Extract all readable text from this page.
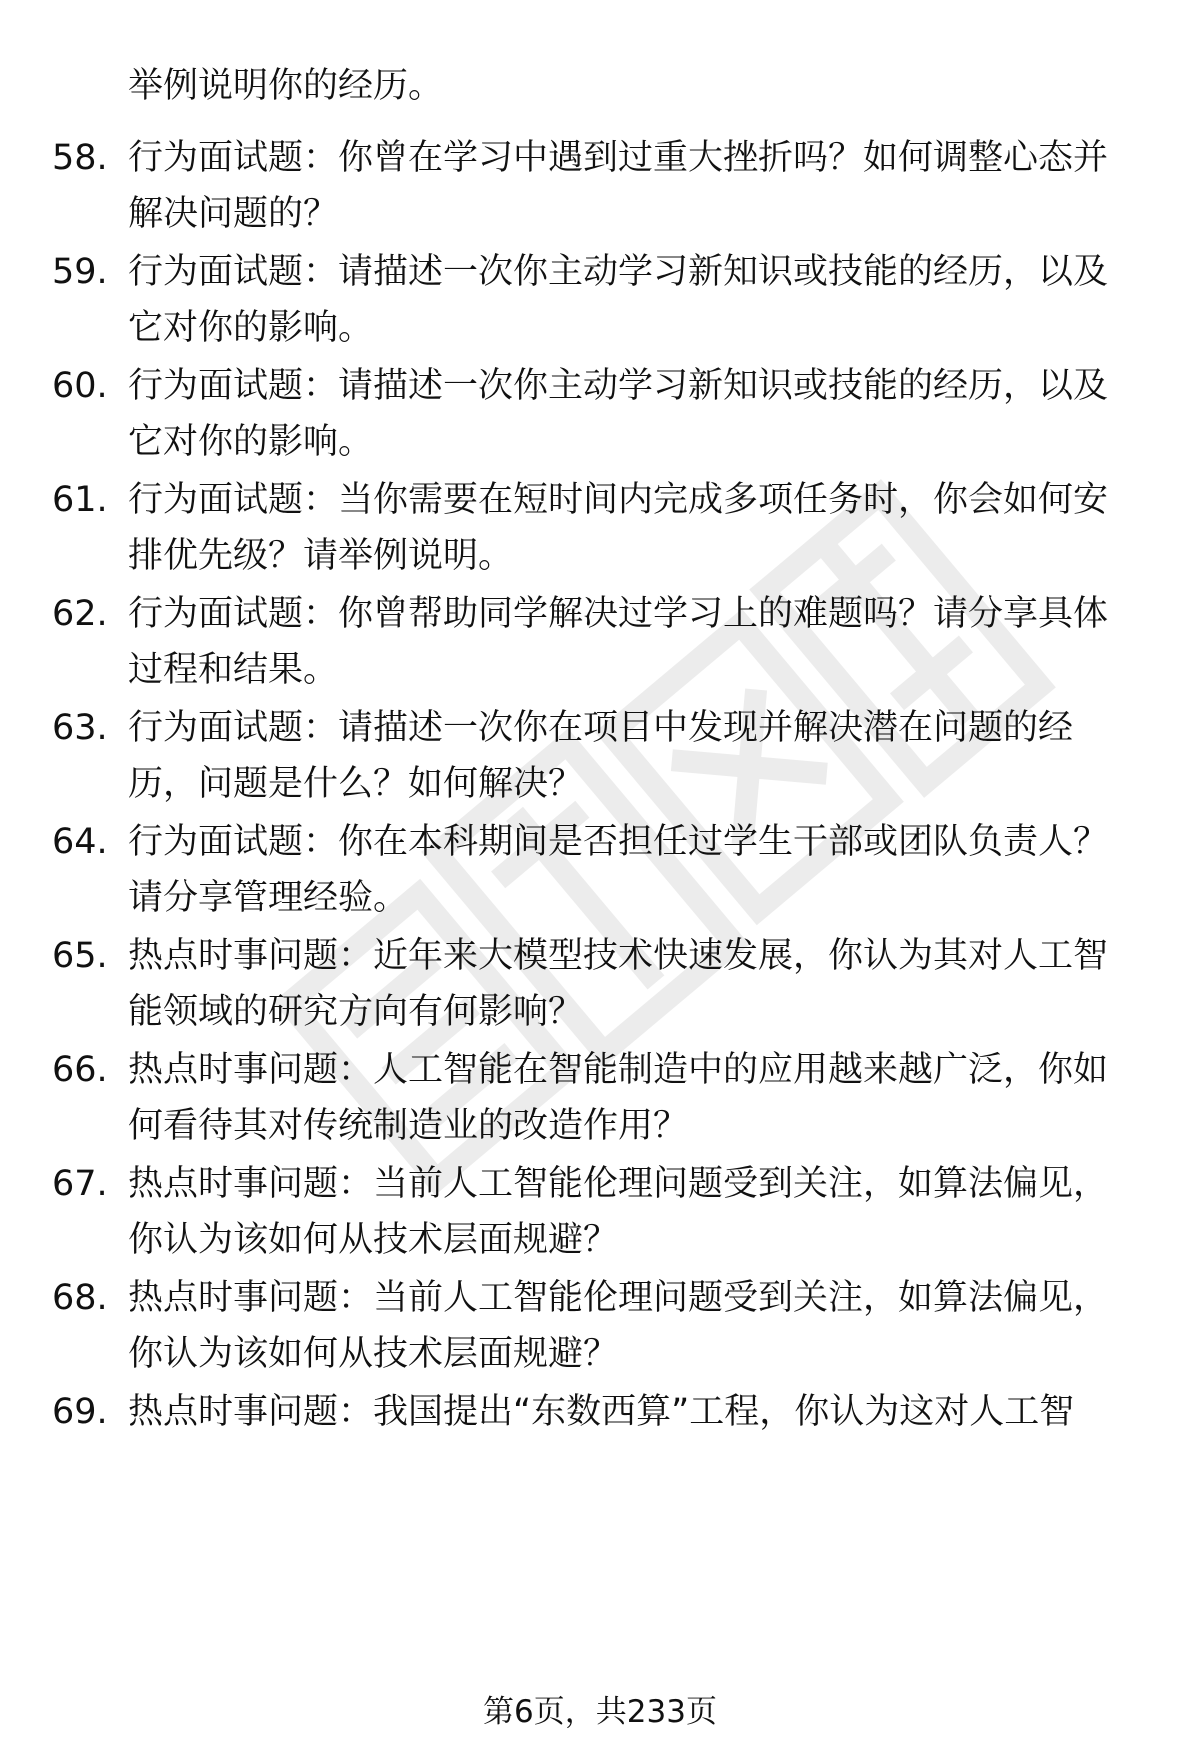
举例说明你的经历。
58. 行为面试题：你曾在学习中遇到过重大挫折吗？如何调整心态并
解决问题的？
59. 行为面试题：请描述一次你主动学习新知识或技能的经历，以及
它对你的影响。
60. 行为面试题：请描述一次你主动学习新知识或技能的经历，以及
它对你的影响。
61. 行为面试题：当你需要在短时间内完成多项任务时，你会如何安
排优先级？请举例说明。
62. 行为面试题：你曾帮助同学解决过学习上的难题吗？请分享具体
过程和结果。
63. 行为面试题：请描述一次你在项目中发现并解决潜在问题的经
历，问题是什么？如何解决？
64. 行为面试题：你在本科期间是否担任过学生干部或团队负责人？
请分享管理经验。
65. 热点时事问题：近年来大模型技术快速发展，你认为其对人工智
能领域的研究方向有何影响？
66. 热点时事问题：人工智能在智能制造中的应用越来越广泛，你如
何看待其对传统制造业的改造作用？
67. 热点时事问题：当前人工智能伦理问题受到关注，如算法偏见，
你认为该如何从技术层面规避？
68. 热点时事问题：当前人工智能伦理问题受到关注，如算法偏见，
你认为该如何从技术层面规避？
69. 热点时事问题：我国提出“东数西算”工程，你认为这对人工智
第6页，共233页
